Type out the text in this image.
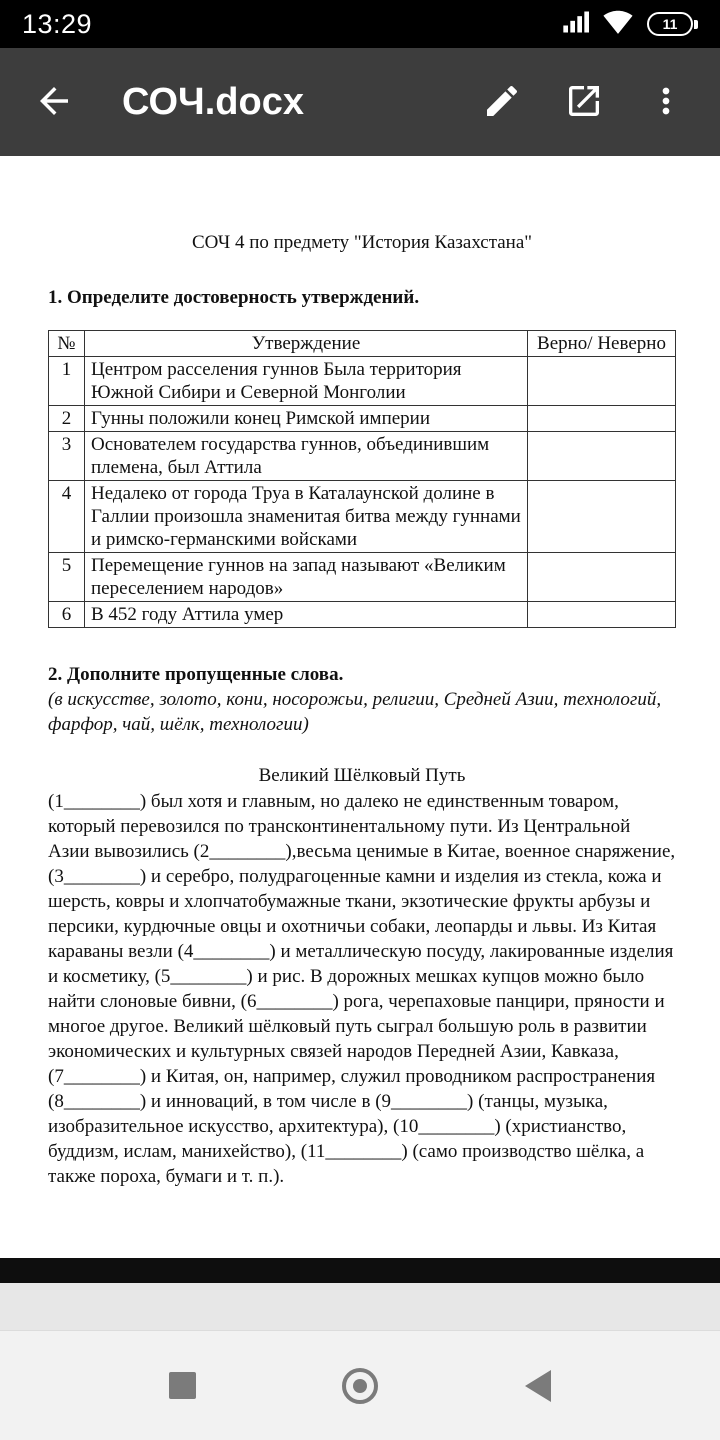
13:29	11
СОЧ.docx
СОЧ 4 по предмету "История Казахстана"
1. Определите достоверность утверждений.
№	Утверждение	Верно/ Неверно
1	Центром расселения гуннов Была территория Южной Сибири и Северной Монголии	
2	Гунны положили конец Римской империи	
3	Основателем государства гуннов, объединившим племена, был Аттила	
4	Недалеко от города Труа в Каталаунской долине в Галлии произошла знаменитая битва между гуннами и римско-германскими войсками	
5	Перемещение гуннов на запад называют «Великим переселением народов»	
6	В 452 году Аттила умер	
2. Дополните пропущенные слова.
(в искусстве, золото, кони, носорожьи, религии, Средней Азии, технологий, фарфор, чай, шёлк, технологии)
Великий Шёлковый Путь
(1________) был хотя и главным, но далеко не единственным товаром, который перевозился по трансконтинентальному пути. Из Центральной Азии вывозились (2________),весьма ценимые в Китае, военное снаряжение, (3________) и серебро, полудрагоценные камни и изделия из стекла, кожа и шерсть, ковры и хлопчатобумажные ткани, экзотические фрукты арбузы и персики, курдючные овцы и охотничьи собаки, леопарды и львы. Из Китая караваны везли (4________) и металлическую посуду, лакированные изделия и косметику, (5________) и рис. В дорожных мешках купцов можно было найти слоновые бивни, (6________) рога, черепаховые панцири, пряности и многое другое. Великий шёлковый путь сыграл большую роль в развитии экономических и культурных связей народов Передней Азии, Кавказа, (7________) и Китая, он, например, служил проводником распространения (8________) и инноваций, в том числе в (9________) (танцы, музыка, изобразительное искусство, архитектура), (10________) (христианство, буддизм, ислам, манихейство), (11________) (само производство шёлка, а также пороха, бумаги и т. п.).
